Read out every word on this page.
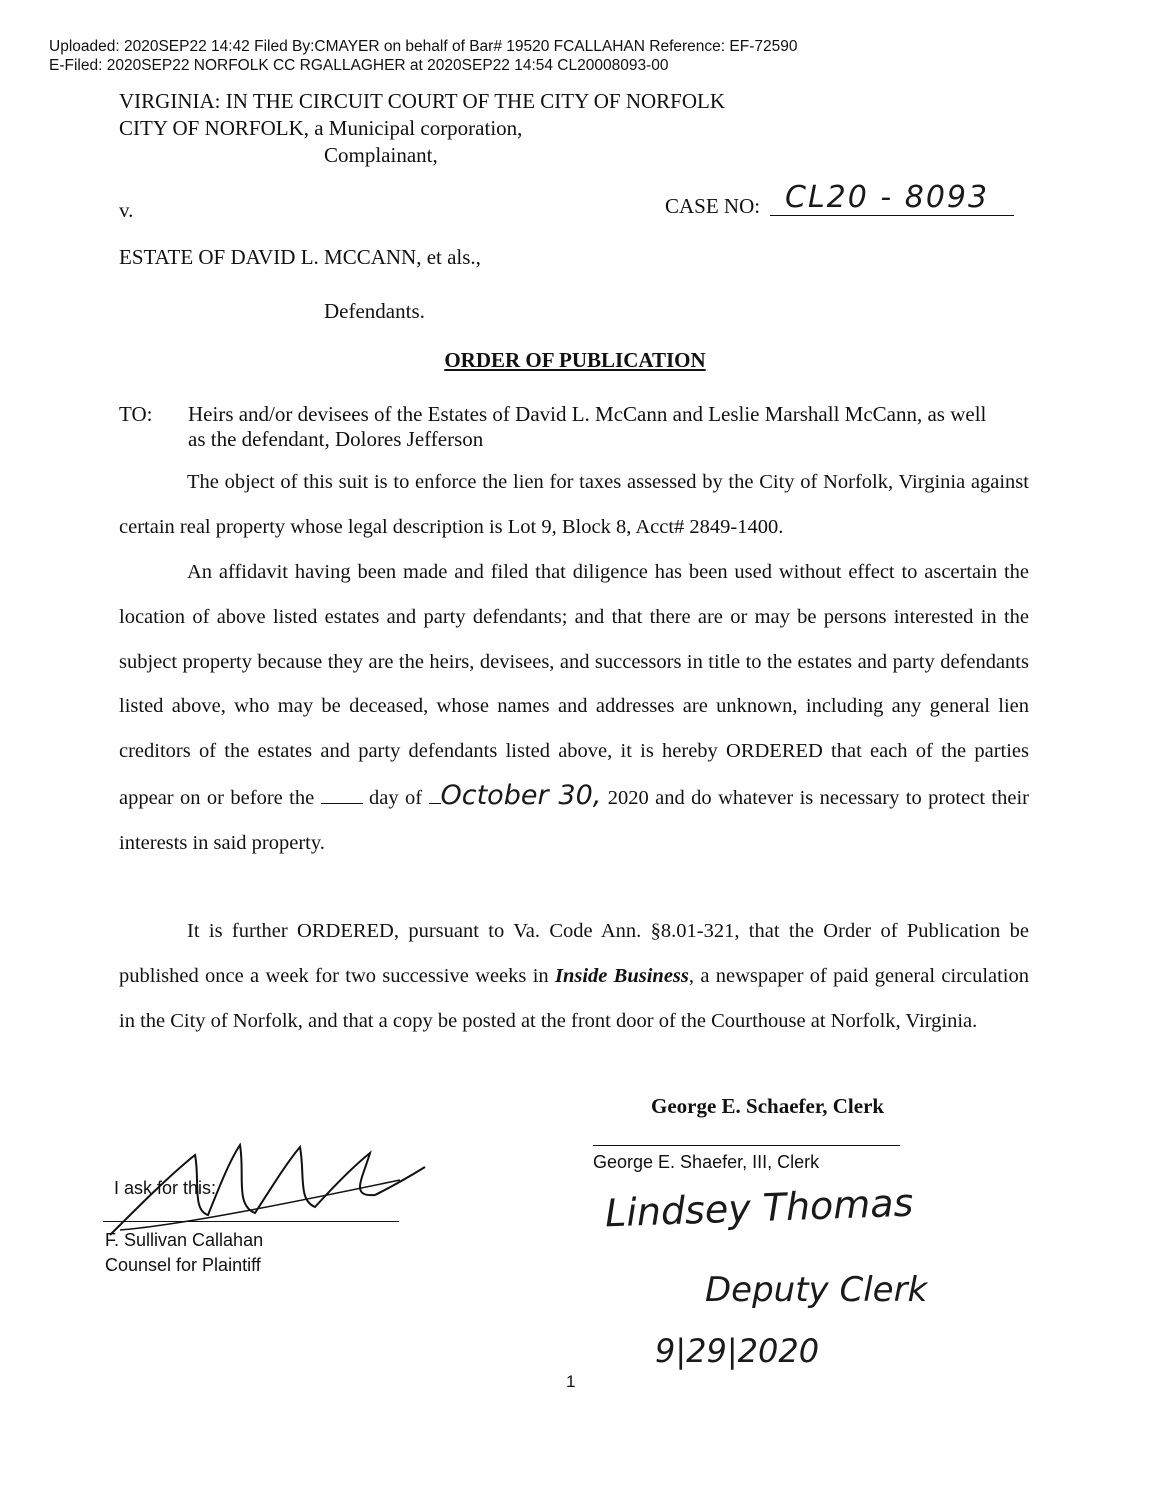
Uploaded: 2020SEP22 14:42 Filed By:CMAYER on behalf of Bar# 19520 FCALLAHAN Reference: EF-72590
E-Filed: 2020SEP22 NORFOLK CC RGALLAGHER at 2020SEP22 14:54 CL20008093-00
VIRGINIA: IN THE CIRCUIT COURT OF THE CITY OF NORFOLK
CITY OF NORFOLK, a Municipal corporation,
Complainant,
v.	CASE NO: CL20 - 8093
ESTATE OF DAVID L. MCCANN, et als.,
Defendants.
ORDER OF PUBLICATION
TO: Heirs and/or devisees of the Estates of David L. McCann and Leslie Marshall McCann, as well
as the defendant, Dolores Jefferson
The object of this suit is to enforce the lien for taxes assessed by the City of Norfolk, Virginia against certain real property whose legal description is Lot 9, Block 8, Acct# 2849-1400.
An affidavit having been made and filed that diligence has been used without effect to ascertain the location of above listed estates and party defendants; and that there are or may be persons interested in the subject property because they are the heirs, devisees, and successors in title to the estates and party defendants listed above, who may be deceased, whose names and addresses are unknown, including any general lien creditors of the estates and party defendants listed above, it is hereby ORDERED that each of the parties appear on or before the	day of October 30, 2020 and do whatever is necessary to protect their interests in said property.
It is further ORDERED, pursuant to Va. Code Ann. §8.01-321, that the Order of Publication be published once a week for two successive weeks in Inside Business, a newspaper of paid general circulation in the City of Norfolk, and that a copy be posted at the front door of the Courthouse at Norfolk, Virginia.
George E. Schaefer, Clerk
George E. Shaefer, III, Clerk
Lindsey Thomas
Deputy Clerk
9|29|2020
I ask for this:
F. Sullivan Callahan
Counsel for Plaintiff
1
